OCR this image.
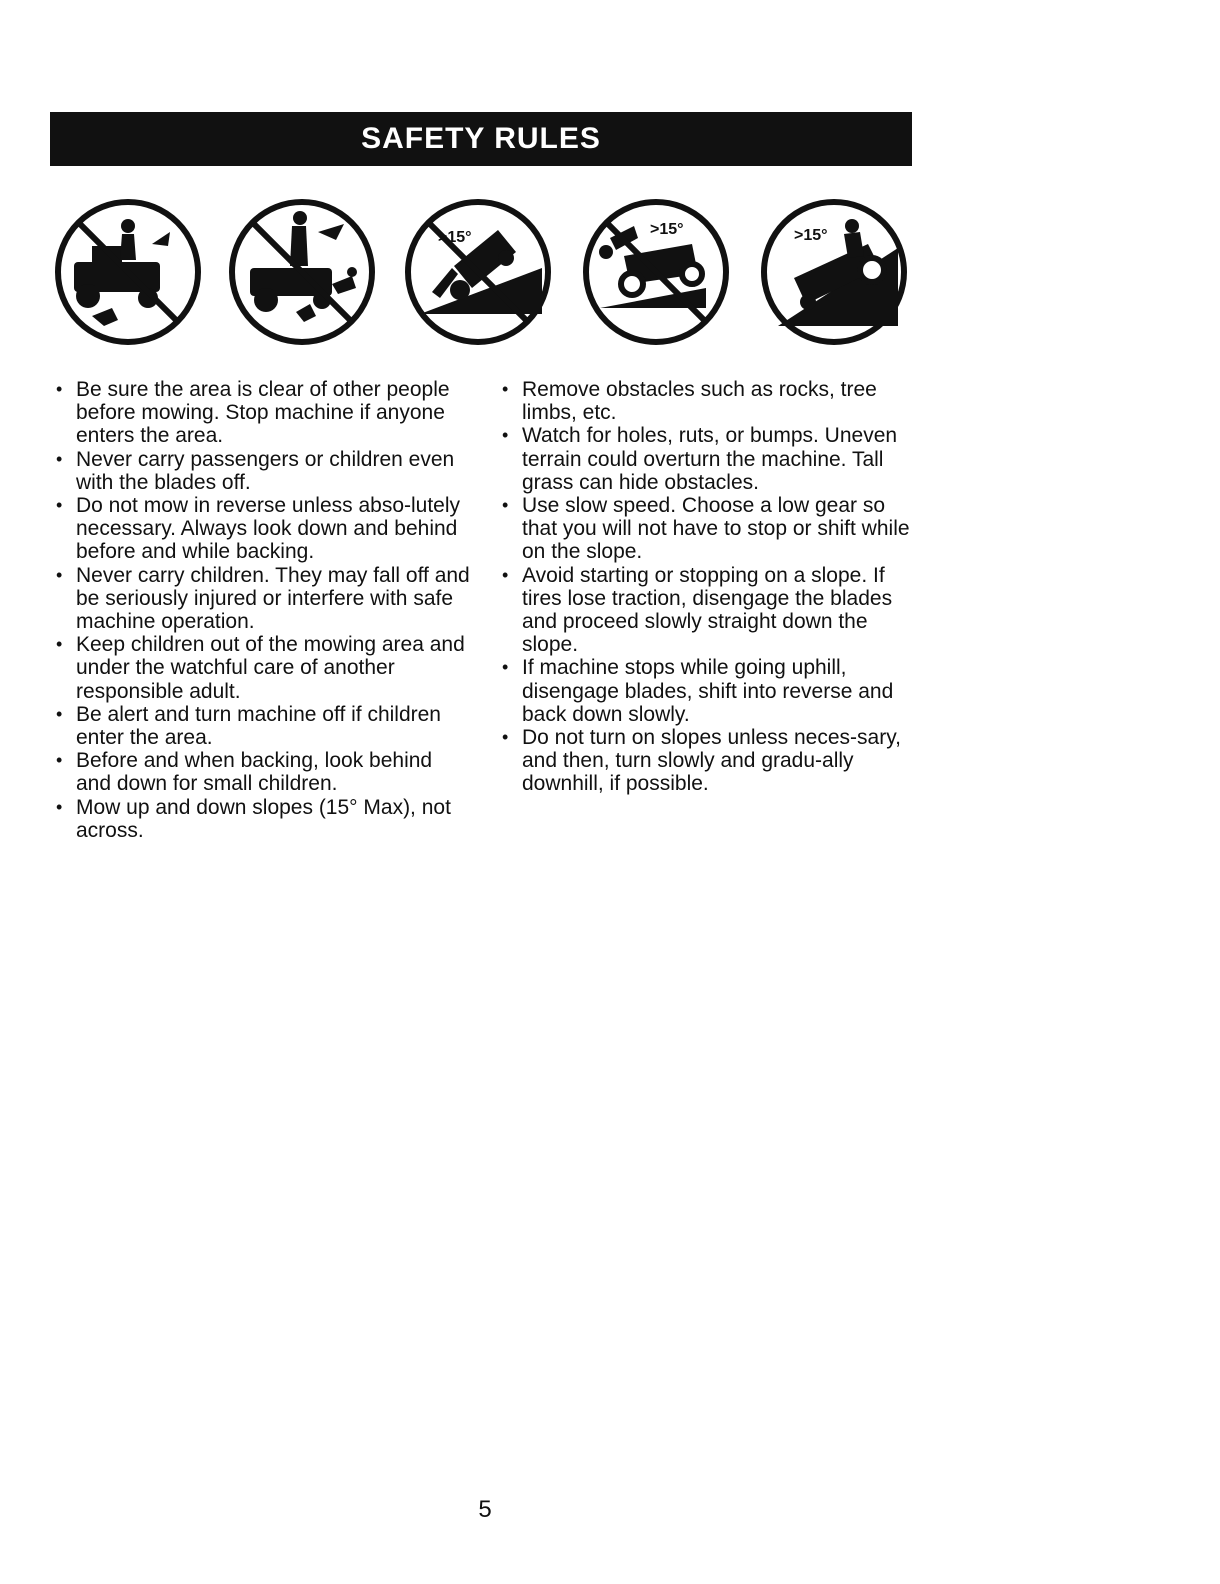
SAFETY RULES
>15°	>15°	>15°
• Be sure the area is clear of other people before mowing. Stop machine if anyone enters the area.
• Never carry passengers or children even with the blades off.
• Do not mow in reverse unless abso-lutely necessary. Always look down and behind before and while backing.
• Never carry children. They may fall off and be seriously injured or interfere with safe machine operation.
• Keep children out of the mowing area and under the watchful care of another responsible adult.
• Be alert and turn machine off if children enter the area.
• Before and when backing, look behind and down for small children.
• Mow up and down slopes (15° Max), not across.
• Remove obstacles such as rocks, tree limbs, etc.
• Watch for holes, ruts, or bumps. Uneven terrain could overturn the machine. Tall grass can hide obstacles.
• Use slow speed. Choose a low gear so that you will not have to stop or shift while on the slope.
• Avoid starting or stopping on a slope. If tires lose traction, disengage the blades and proceed slowly straight down the slope.
• If machine stops while going uphill, disengage blades, shift into reverse and back down slowly.
• Do not turn on slopes unless neces-sary, and then, turn slowly and gradu-ally downhill, if possible.
5
